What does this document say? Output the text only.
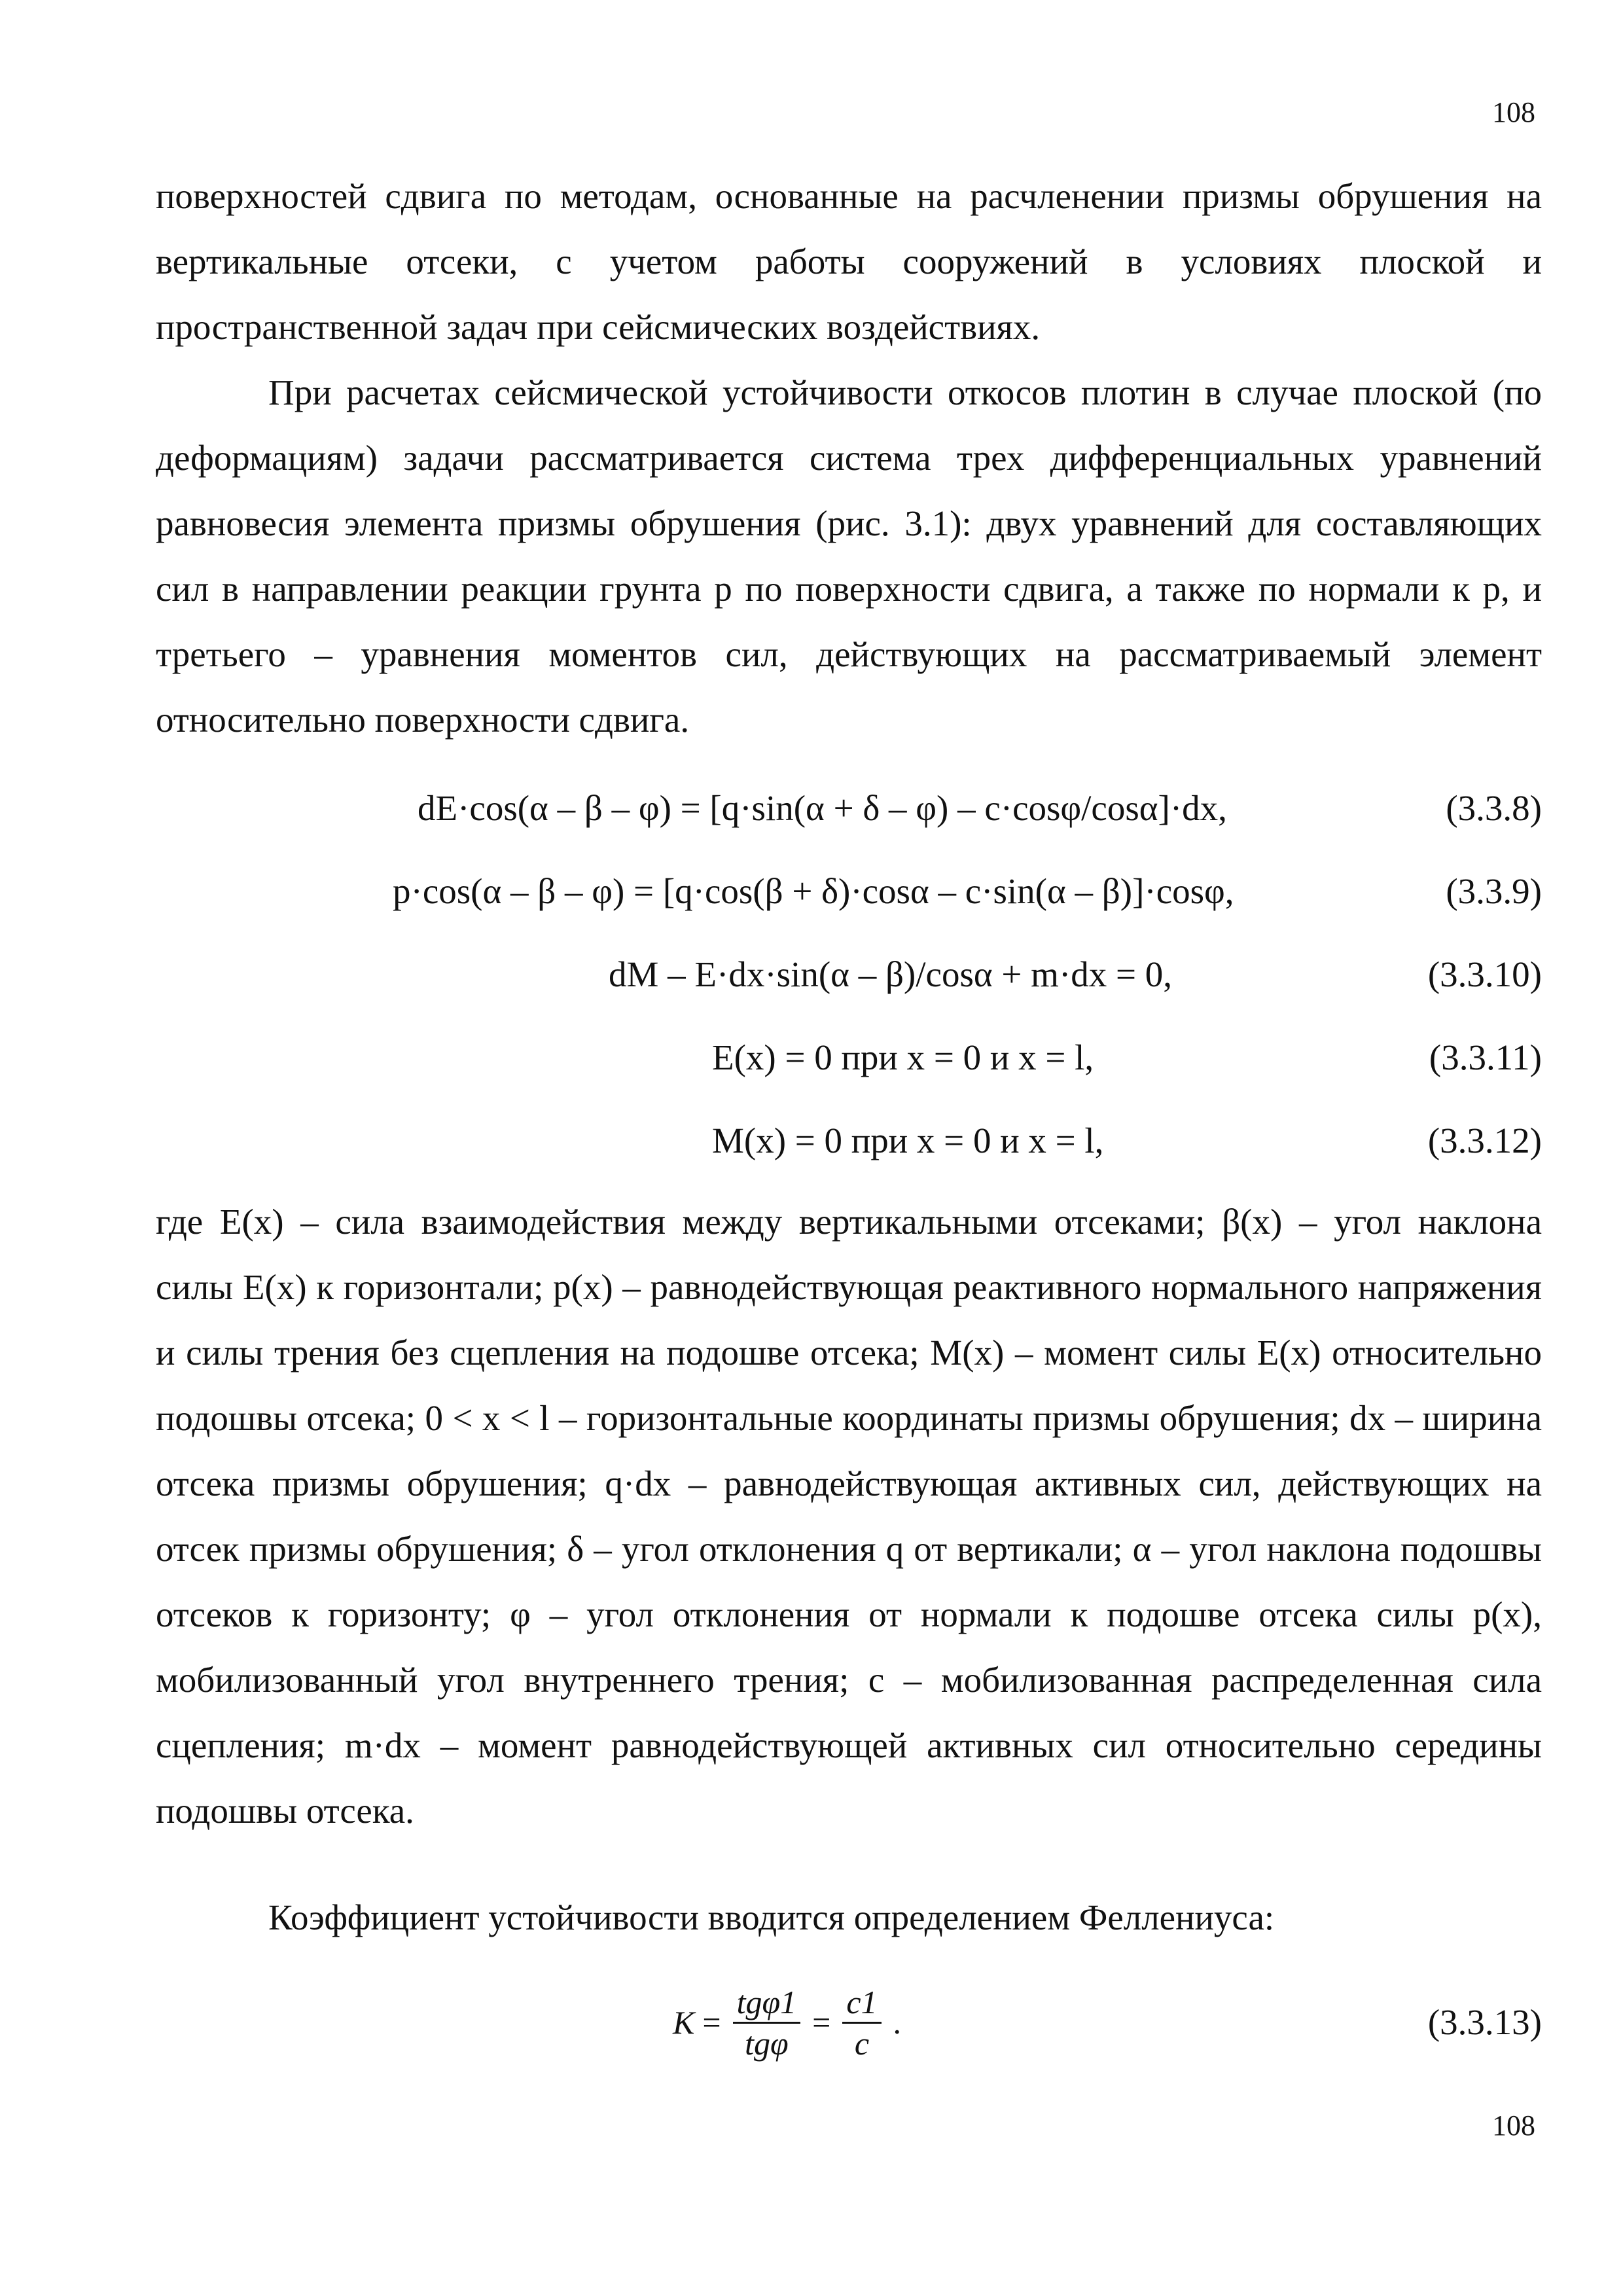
108

поверхностей сдвига по методам, основанные на расчленении призмы обрушения на вертикальные отсеки, с учетом работы сооружений в условиях плоской и пространственной задач при сейсмических воздействиях.

При расчетах сейсмической устойчивости откосов плотин в случае плоской (по деформациям) задачи рассматривается система трех дифференциальных уравнений равновесия элемента призмы обрушения (рис. 3.1): двух уравнений для составляющих сил в направлении реакции грунта p по поверхности сдвига, а также по нормали к p, и третьего – уравнения моментов сил, действующих на рассматриваемый элемент относительно поверхности сдвига.

dE·cos(α – β – φ) = [q·sin(α + δ – φ) – c·cosφ/cosα]·dx,	(3.3.8)
p·cos(α – β – φ) = [q·cos(β + δ)·cosα – c·sin(α – β)]·cosφ,	(3.3.9)
dM – E·dx·sin(α – β)/cosα + m·dx = 0,	(3.3.10)
E(x) = 0 при x = 0 и x = l,	(3.3.11)
M(x) = 0 при x = 0 и x = l,	(3.3.12)

где E(x) – сила взаимодействия между вертикальными отсеками; β(x) – угол наклона силы E(x) к горизонтали; p(x) – равнодействующая реактивного нормального напряжения и силы трения без сцепления на подошве отсека; M(x) – момент силы E(x) относительно подошвы отсека; 0 < x < l – горизонтальные координаты призмы обрушения; dx – ширина отсека призмы обрушения; q·dx – равнодействующая активных сил, действующих на отсек призмы обрушения; δ – угол отклонения q от вертикали; α – угол наклона подошвы отсеков к горизонту; φ – угол отклонения от нормали к подошве отсека силы p(x), мобилизованный угол внутреннего трения; c – мобилизованная распределенная сила сцепления; m·dx – момент равнодействующей активных сил относительно середины подошвы отсека.

Коэффициент устойчивости вводится определением Феллениуса:

$K = \frac{\text{tgφ1}}{\text{tgφ}} = \frac{c1}{c}$ .	(3.3.13)
108
